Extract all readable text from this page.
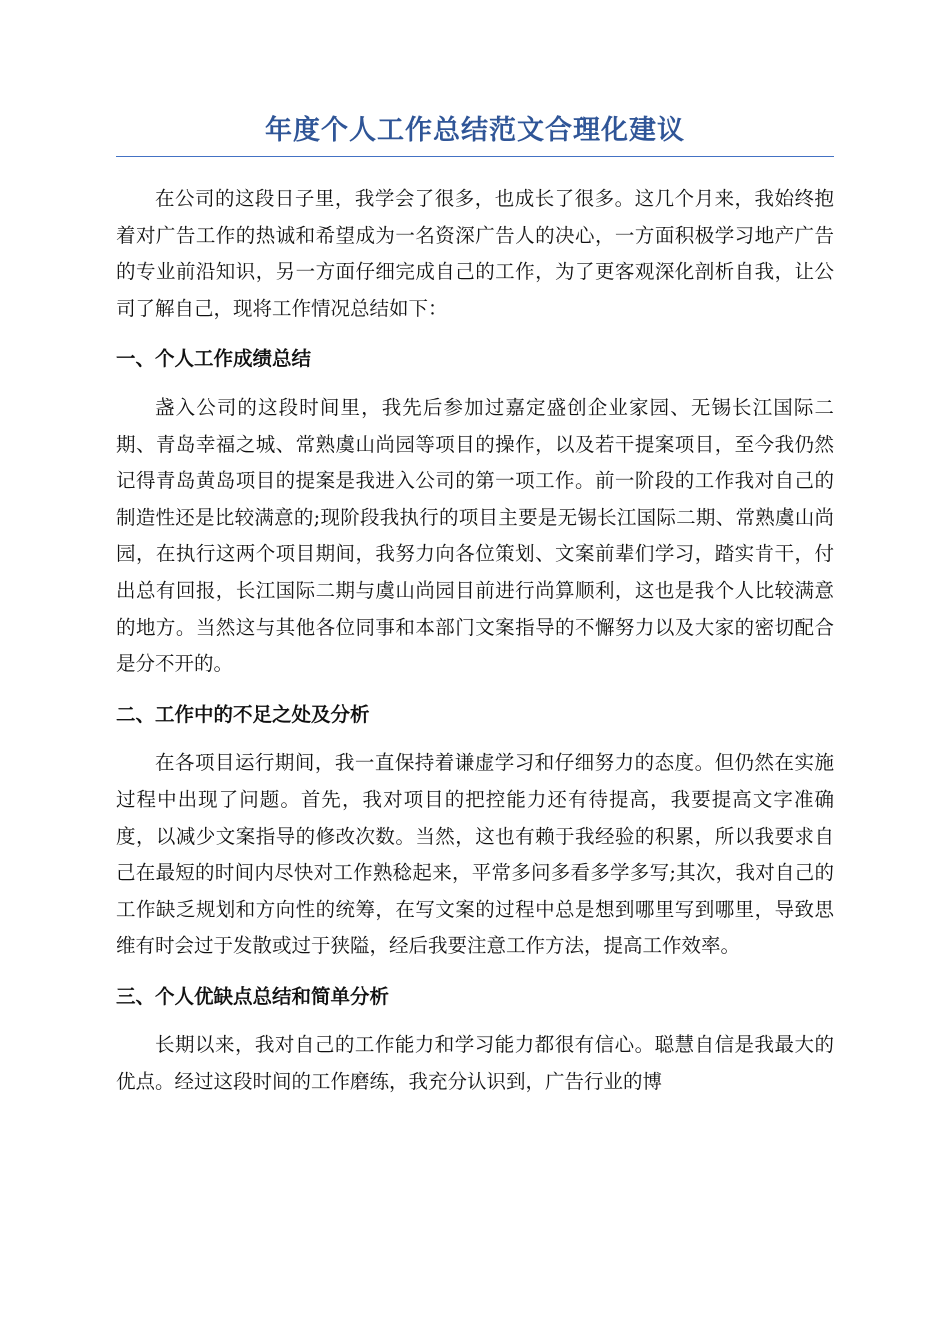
年度个人工作总结范文合理化建议

在公司的这段日子里，我学会了很多，也成长了很多。这几个月来，我始终抱着对广告工作的热诚和希望成为一名资深广告人的决心，一方面积极学习地产广告的专业前沿知识，另一方面仔细完成自己的工作，为了更客观深化剖析自我，让公司了解自己，现将工作情况总结如下：

一、个人工作成绩总结

盏入公司的这段时间里，我先后参加过嘉定盛创企业家园、无锡长江国际二期、青岛幸福之城、常熟虞山尚园等项目的操作，以及若干提案项目，至今我仍然记得青岛黄岛项目的提案是我进入公司的第一项工作。前一阶段的工作我对自己的制造性还是比较满意的;现阶段我执行的项目主要是无锡长江国际二期、常熟虞山尚园，在执行这两个项目期间，我努力向各位策划、文案前辈们学习，踏实肯干，付出总有回报，长江国际二期与虞山尚园目前进行尚算顺利，这也是我个人比较满意的地方。当然这与其他各位同事和本部门文案指导的不懈努力以及大家的密切配合是分不开的。

二、工作中的不足之处及分析

在各项目运行期间，我一直保持着谦虚学习和仔细努力的态度。但仍然在实施过程中出现了问题。首先，我对项目的把控能力还有待提高，我要提高文字准确度，以减少文案指导的修改次数。当然，这也有赖于我经验的积累，所以我要求自己在最短的时间内尽快对工作熟稔起来，平常多问多看多学多写;其次，我对自己的工作缺乏规划和方向性的统筹，在写文案的过程中总是想到哪里写到哪里，导致思维有时会过于发散或过于狭隘，经后我要注意工作方法，提高工作效率。

三、个人优缺点总结和简单分析

长期以来，我对自己的工作能力和学习能力都很有信心。聪慧自信是我最大的优点。经过这段时间的工作磨练，我充分认识到，广告行业的博
